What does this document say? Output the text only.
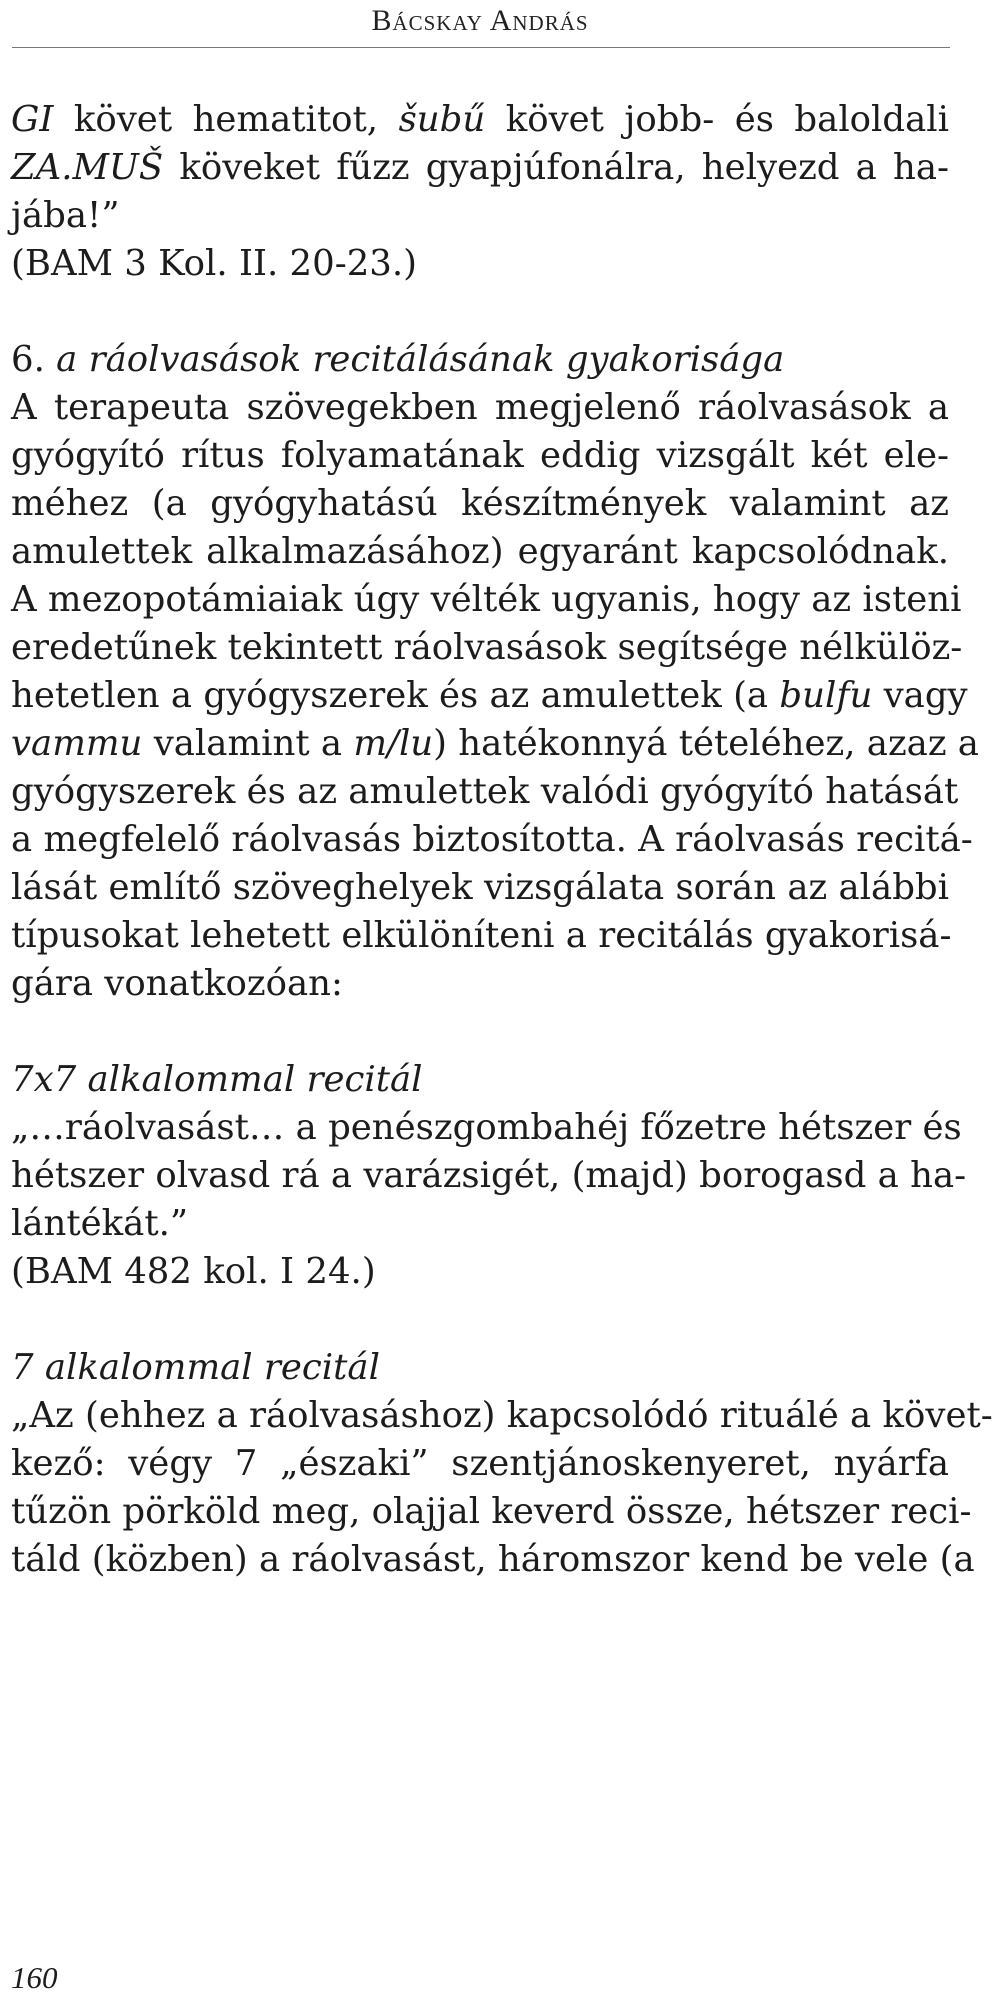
Bácskay András
GI követ hematitot, šubű követ jobb- és baloldali
ZA.MUŠ köveket fűzz gyapjúfonálra, helyezd a ha-
jába!”
(BAM 3 Kol. II. 20-23.)
6. a ráolvasások recitálásának gyakorisága
A terapeuta szövegekben megjelenő ráolvasások a
gyógyító rítus folyamatának eddig vizsgált két ele-
méhez (a gyógyhatású készítmények valamint az
amulettek alkalmazásához) egyaránt kapcsolódnak.
A mezopotámiaiak úgy vélték ugyanis, hogy az isteni
eredetűnek tekintett ráolvasások segítsége nélkülöz-
hetetlen a gyógyszerek és az amulettek (a bulfu vagy
vammu valamint a m/lu) hatékonnyá tételéhez, azaz a
gyógyszerek és az amulettek valódi gyógyító hatását
a megfelelő ráolvasás biztosította. A ráolvasás recitá-
lását említő szöveghelyek vizsgálata során az alábbi
típusokat lehetett elkülöníteni a recitálás gyakorisá-
gára vonatkozóan:
7x7 alkalommal recitál
„…ráolvasást… a penészgombahéj főzetre hétszer és
hétszer olvasd rá a varázsigét, (majd) borogasd a ha-
lántékát.”
(BAM 482 kol. I 24.)
7 alkalommal recitál
„Az (ehhez a ráolvasáshoz) kapcsolódó rituálé a követ-
kező: végy 7 „északi” szentjánoskenyeret, nyárfa
tűzön pörköld meg, olajjal keverd össze, hétszer reci-
táld (közben) a ráolvasást, háromszor kend be vele (a
160
